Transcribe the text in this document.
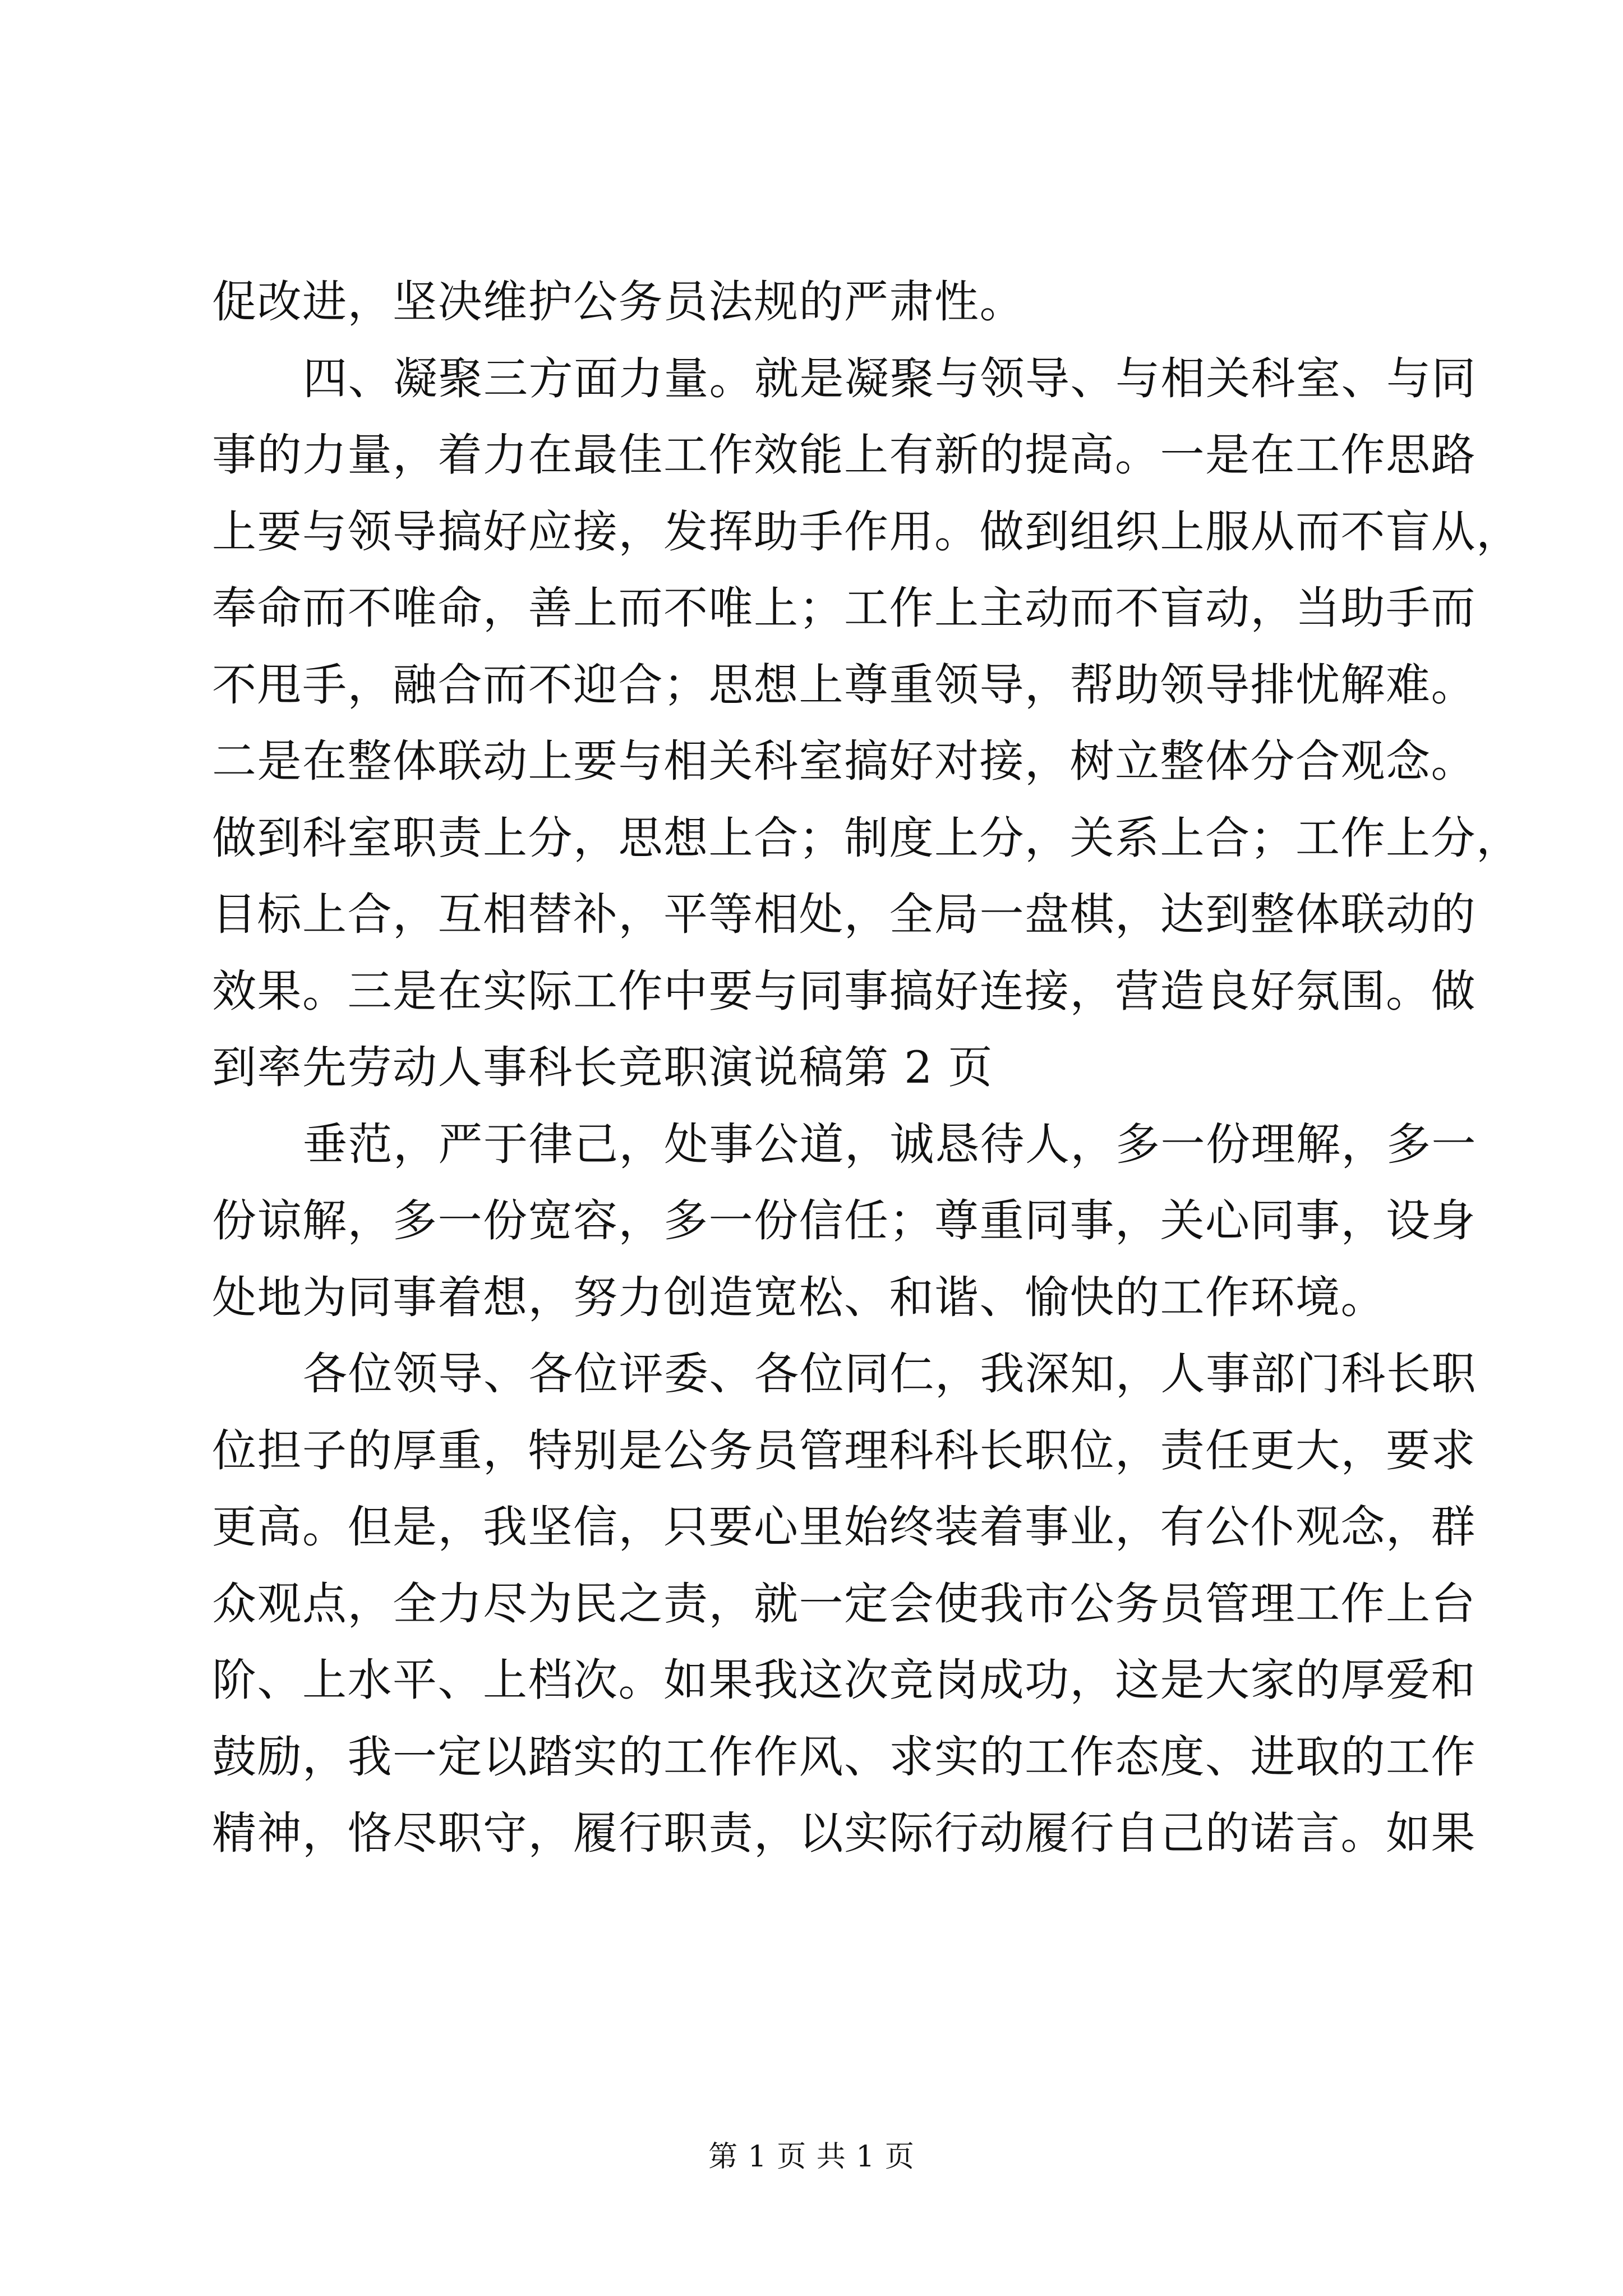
促改进，坚决维护公务员法规的严肃性。
四、凝聚三方面力量。就是凝聚与领导、与相关科室、与同
事的力量，着力在最佳工作效能上有新的提高。一是在工作思路
上要与领导搞好应接，发挥助手作用。做到组织上服从而不盲从，
奉命而不唯命，善上而不唯上；工作上主动而不盲动，当助手而
不甩手，融合而不迎合；思想上尊重领导，帮助领导排忧解难。
二是在整体联动上要与相关科室搞好对接，树立整体分合观念。
做到科室职责上分，思想上合；制度上分，关系上合；工作上分，
目标上合，互相替补，平等相处，全局一盘棋，达到整体联动的
效果。三是在实际工作中要与同事搞好连接，营造良好氛围。做
到率先劳动人事科长竞职演说稿第 2 页
垂范，严于律己，处事公道，诚恳待人，多一份理解，多一
份谅解，多一份宽容，多一份信任；尊重同事，关心同事，设身
处地为同事着想，努力创造宽松、和谐、愉快的工作环境。
各位领导、各位评委、各位同仁，我深知，人事部门科长职
位担子的厚重，特别是公务员管理科科长职位，责任更大，要求
更高。但是，我坚信，只要心里始终装着事业，有公仆观念，群
众观点，全力尽为民之责，就一定会使我市公务员管理工作上台
阶、上水平、上档次。如果我这次竞岗成功，这是大家的厚爱和
鼓励，我一定以踏实的工作作风、求实的工作态度、进取的工作
精神，恪尽职守，履行职责，以实际行动履行自己的诺言。如果
第 1 页 共 1 页
